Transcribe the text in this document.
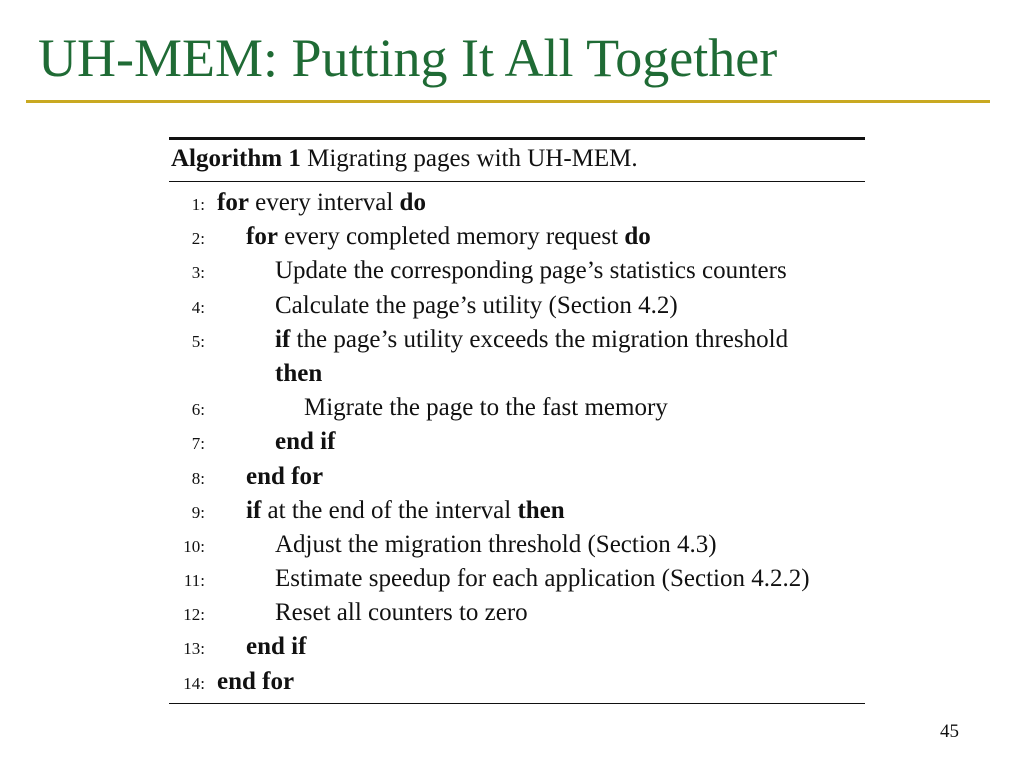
UH-MEM: Putting It All Together
Algorithm 1 Migrating pages with UH-MEM.
1: for every interval do
2: for every completed memory request do
3:	Update the corresponding page’s statistics counters
4:	Calculate the page’s utility (Section 4.2)
5:	if the page’s utility exceeds the migration threshold
then
6:	Migrate the page to the fast memory
7:	end if
8: end for
9: if at the end of the interval then
10:	Adjust the migration threshold (Section 4.3)
11:	Estimate speedup for each application (Section 4.2.2)
12:	Reset all counters to zero
13: end if
14: end for
45
